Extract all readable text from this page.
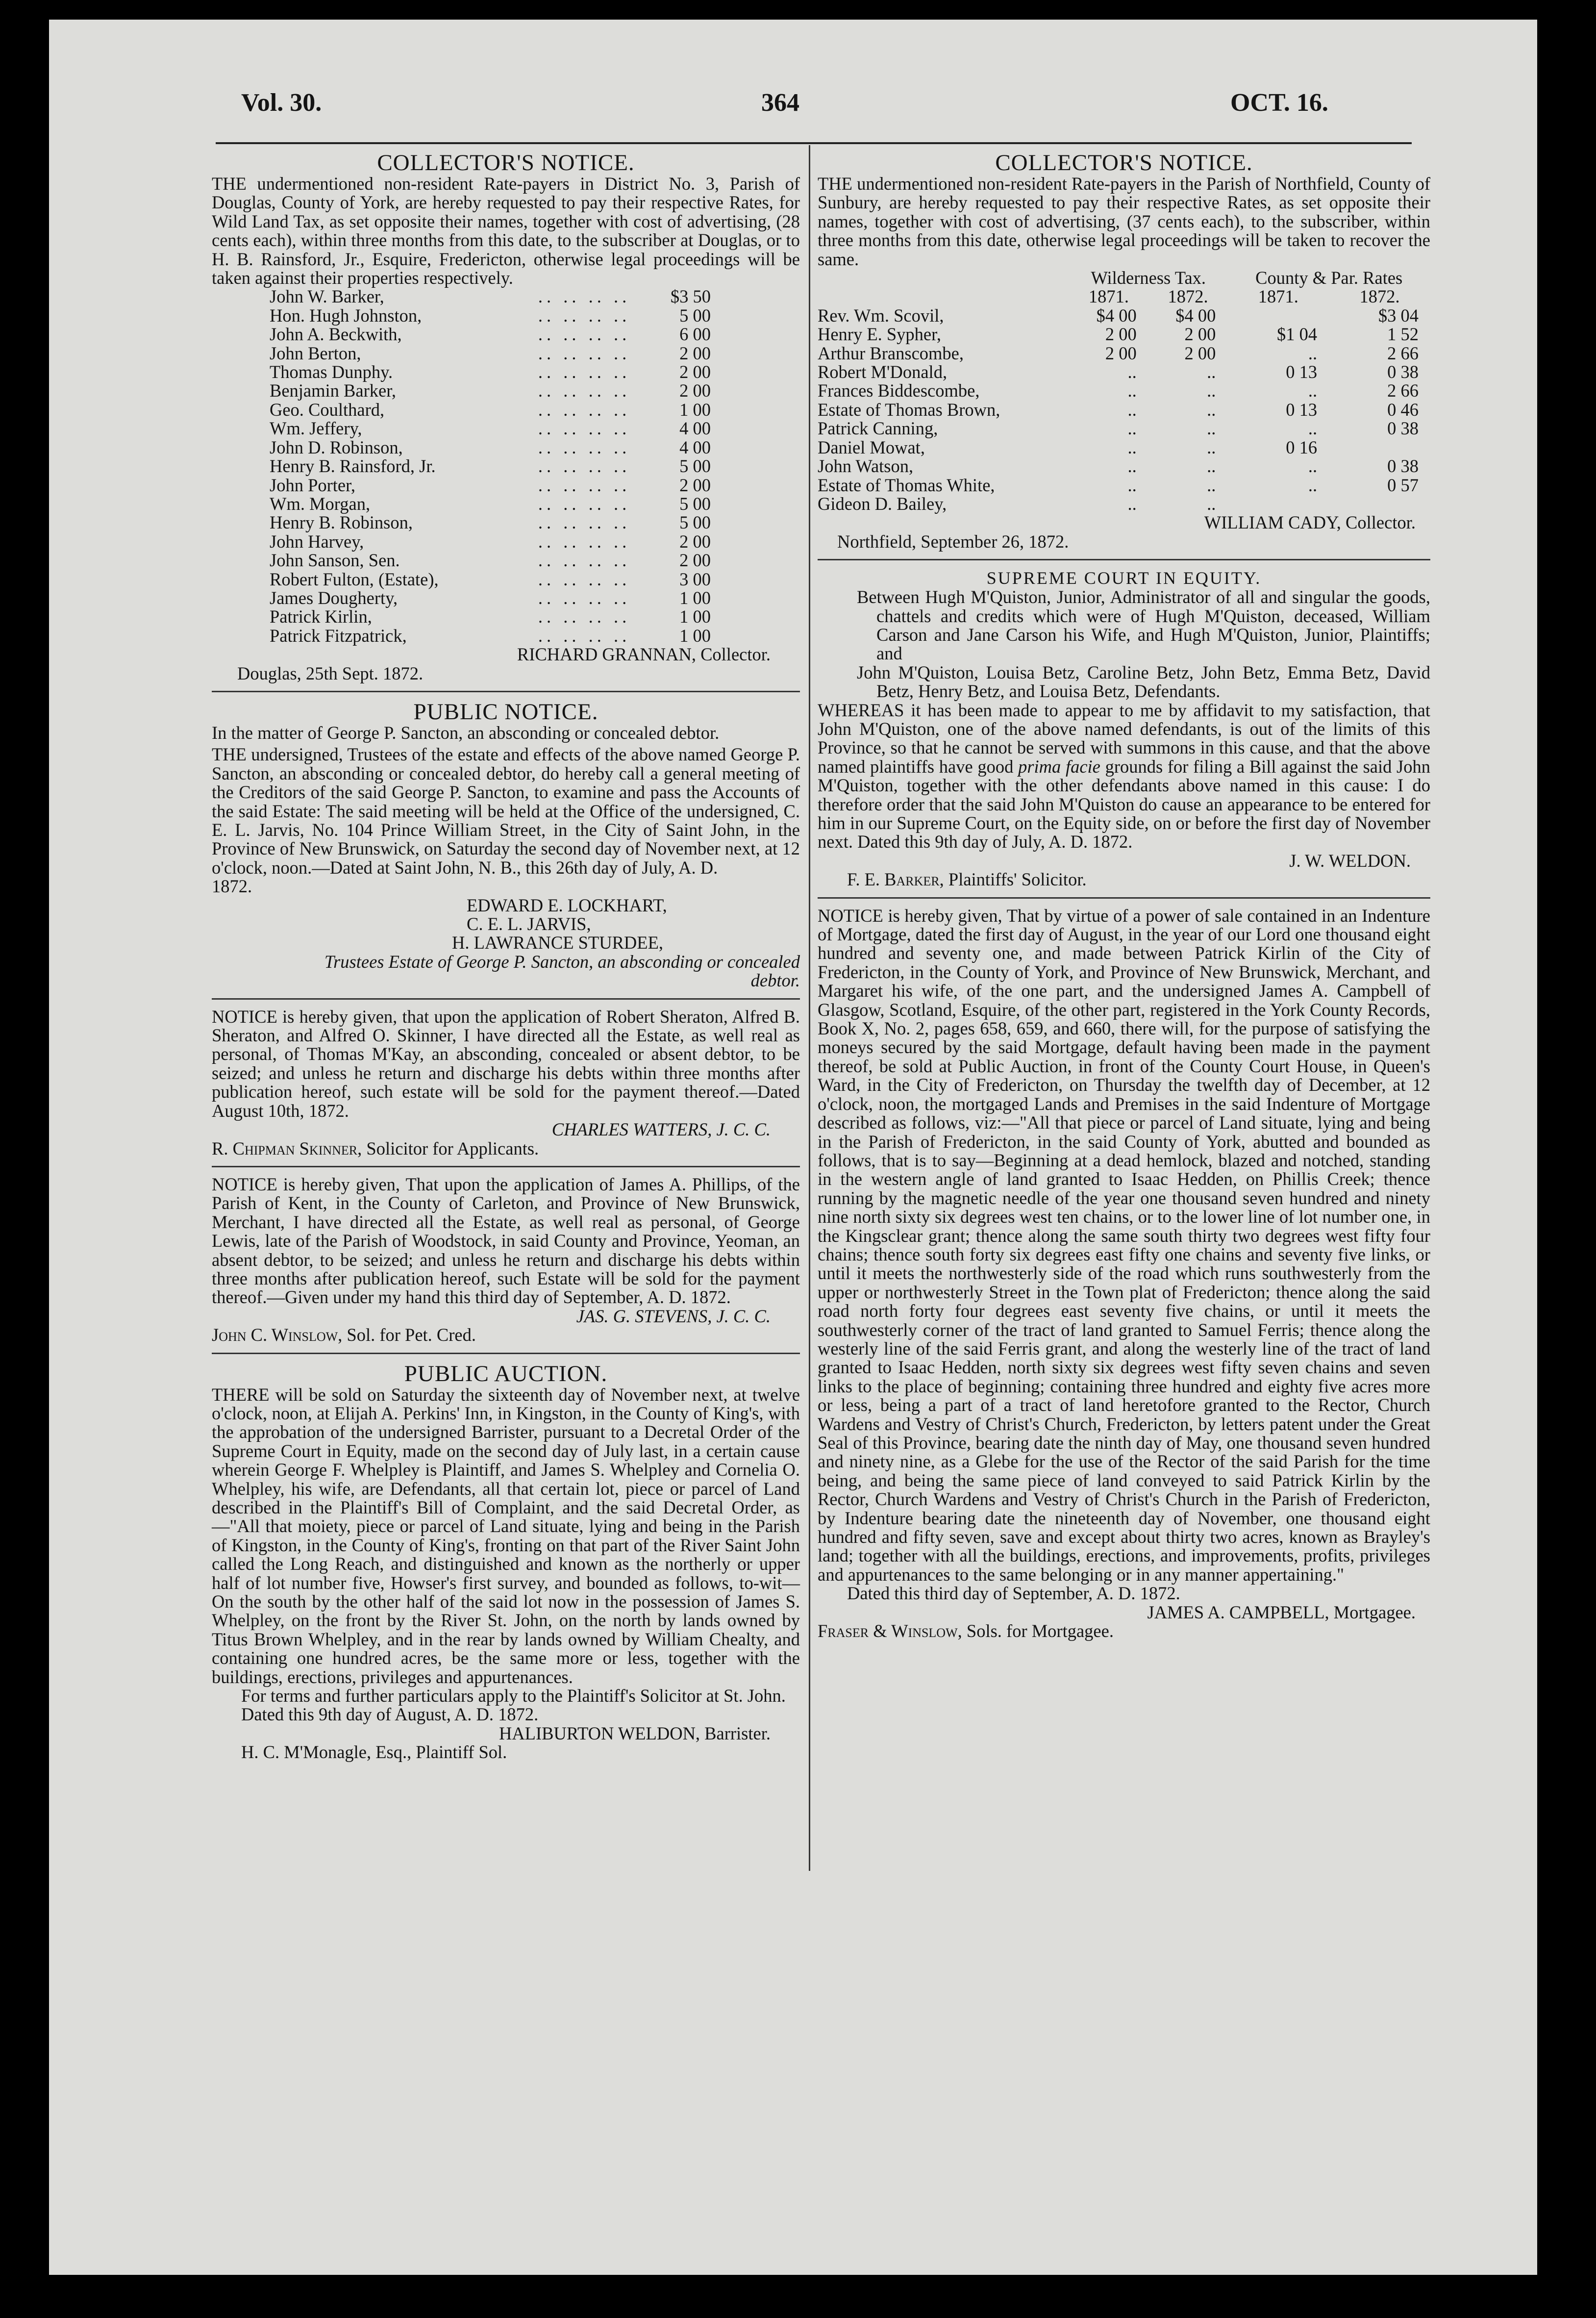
Vol. 30.	364	OCT. 16.

COLLECTOR'S NOTICE.

THE undermentioned non-resident Rate-payers in District No. 3, Parish of Douglas, County of York, are hereby requested to pay their respective Rates, for Wild Land Tax, as set opposite their names, together with cost of advertising, (28 cents each), within three months from this date, to the subscriber at Douglas, or to H. B. Rainsford, Jr., Esquire, Fredericton, otherwise legal proceedings will be taken against their properties respectively.

John W. Barker,	.. .. .. ..	$3 50
Hon. Hugh Johnston,	.. .. .. ..	5 00
John A. Beckwith,	.. .. .. ..	6 00
John Berton,	.. .. .. ..	2 00
Thomas Dunphy.	.. .. .. ..	2 00
Benjamin Barker,	.. .. .. ..	2 00
Geo. Coulthard,	.. .. .. ..	1 00
Wm. Jeffery,	.. .. .. ..	4 00
John D. Robinson,	.. .. .. ..	4 00
Henry B. Rainsford, Jr.	.. .. .. ..	5 00
John Porter,	.. .. .. ..	2 00
Wm. Morgan,	.. .. .. ..	5 00
Henry B. Robinson,	.. .. .. ..	5 00
John Harvey,	.. .. .. ..	2 00
John Sanson, Sen.	.. .. .. ..	2 00
Robert Fulton, (Estate),	.. .. .. ..	3 00
James Dougherty,	.. .. .. ..	1 00
Patrick Kirlin,	.. .. .. ..	1 00
Patrick Fitzpatrick,	.. .. .. ..	1 00

RICHARD GRANNAN, Collector.

Douglas, 25th Sept. 1872.

PUBLIC NOTICE.

In the matter of George P. Sancton, an absconding or concealed debtor.

THE undersigned, Trustees of the estate and effects of the above named George P. Sancton, an absconding or concealed debtor, do hereby call a general meeting of the Creditors of the said George P. Sancton, to examine and pass the Accounts of the said Estate: The said meeting will be held at the Office of the undersigned, C. E. L. Jarvis, No. 104 Prince William Street, in the City of Saint John, in the Province of New Brunswick, on Saturday the second day of November next, at 12 o'clock, noon.—Dated at Saint John, N. B., this 26th day of July, A. D.

1872.

EDWARD E. LOCKHART,

C. E. L. JARVIS,

H. LAWRANCE STURDEE,

Trustees Estate of George P. Sancton, an absconding or concealed debtor.

NOTICE is hereby given, that upon the application of Robert Sheraton, Alfred B. Sheraton, and Alfred O. Skinner, I have directed all the Estate, as well real as personal, of Thomas M'Kay, an absconding, concealed or absent debtor, to be seized; and unless he return and discharge his debts within three months after publication hereof, such estate will be sold for the payment thereof.—Dated August 10th, 1872.

CHARLES WATTERS, J. C. C.

R. Chipman Skinner, Solicitor for Applicants.

NOTICE is hereby given, That upon the application of James A. Phillips, of the Parish of Kent, in the County of Carleton, and Province of New Brunswick, Merchant, I have directed all the Estate, as well real as personal, of George Lewis, late of the Parish of Woodstock, in said County and Province, Yeoman, an absent debtor, to be seized; and unless he return and discharge his debts within three months after publication hereof, such Estate will be sold for the payment thereof.—Given under my hand this third day of September, A. D. 1872.

JAS. G. STEVENS, J. C. C.

John C. Winslow, Sol. for Pet. Cred.

PUBLIC AUCTION.

THERE will be sold on Saturday the sixteenth day of November next, at twelve o'clock, noon, at Elijah A. Perkins' Inn, in Kingston, in the County of King's, with the approbation of the undersigned Barrister, pursuant to a Decretal Order of the Supreme Court in Equity, made on the second day of July last, in a certain cause wherein George F. Whelpley is Plaintiff, and James S. Whelpley and Cornelia O. Whelpley, his wife, are Defendants, all that certain lot, piece or parcel of Land described in the Plaintiff's Bill of Complaint, and the said Decretal Order, as—"All that moiety, piece or parcel of Land situate, lying and being in the Parish of Kingston, in the County of King's, fronting on that part of the River Saint John called the Long Reach, and distinguished and known as the northerly or upper half of lot number five, Howser's first survey, and bounded as follows, to-wit—On the south by the other half of the said lot now in the possession of James S. Whelpley, on the front by the River St. John, on the north by lands owned by Titus Brown Whelpley, and in the rear by lands owned by William Chealty, and containing one hundred acres, be the same more or less, together with the buildings, erections, privileges and appurtenances.

For terms and further particulars apply to the Plaintiff's Solicitor at St. John.

Dated this 9th day of August, A. D. 1872.

HALIBURTON WELDON, Barrister.

H. C. M'Monagle, Esq., Plaintiff Sol.

COLLECTOR'S NOTICE.

THE undermentioned non-resident Rate-payers in the Parish of Northfield, County of Sunbury, are hereby requested to pay their respective Rates, as set opposite their names, together with cost of advertising, (37 cents each), to the subscriber, within three months from this date, otherwise legal proceedings will be taken to recover the same.

	Wilderness Tax.		County & Par. Rates	
	1871.	1872.	1871.	1872.
Rev. Wm. Scovil,	$4 00	$4 00		$3 04
Henry E. Sypher,	2 00	2 00	$1 04	1 52
Arthur Branscombe,	2 00	2 00	..	2 66
Robert M'Donald,	..	..	0 13	0 38
Frances Biddescombe,	..	..	..	2 66
Estate of Thomas Brown,	..	..	0 13	0 46
Patrick Canning,	..	..	..	0 38
Daniel Mowat,	..	..	0 16	
John Watson,	..	..	..	0 38
Estate of Thomas White,	..	..	..	0 57
Gideon D. Bailey,	..	..		

WILLIAM CADY, Collector.

Northfield, September 26, 1872.

SUPREME COURT IN EQUITY.

Between Hugh M'Quiston, Junior, Administrator of all and singular the goods, chattels and credits which were of Hugh M'Quiston, deceased, William Carson and Jane Carson his Wife, and Hugh M'Quiston, Junior, Plaintiffs; and

John M'Quiston, Louisa Betz, Caroline Betz, John Betz, Emma Betz, David Betz, Henry Betz, and Louisa Betz, Defendants.

WHEREAS it has been made to appear to me by affidavit to my satisfaction, that John M'Quiston, one of the above named defendants, is out of the limits of this Province, so that he cannot be served with summons in this cause, and that the above named plaintiffs have good prima facie grounds for filing a Bill against the said John M'Quiston, together with the other defendants above named in this cause: I do therefore order that the said John M'Quiston do cause an appearance to be entered for him in our Supreme Court, on the Equity side, on or before the first day of November next. Dated this 9th day of July, A. D. 1872.

J. W. WELDON.

F. E. Barker, Plaintiffs' Solicitor.

NOTICE is hereby given, That by virtue of a power of sale contained in an Indenture of Mortgage, dated the first day of August, in the year of our Lord one thousand eight hundred and seventy one, and made between Patrick Kirlin of the City of Fredericton, in the County of York, and Province of New Brunswick, Merchant, and Margaret his wife, of the one part, and the undersigned James A. Campbell of Glasgow, Scotland, Esquire, of the other part, registered in the York County Records, Book X, No. 2, pages 658, 659, and 660, there will, for the purpose of satisfying the moneys secured by the said Mortgage, default having been made in the payment thereof, be sold at Public Auction, in front of the County Court House, in Queen's Ward, in the City of Fredericton, on Thursday the twelfth day of December, at 12 o'clock, noon, the mortgaged Lands and Premises in the said Indenture of Mortgage described as follows, viz:—"All that piece or parcel of Land situate, lying and being in the Parish of Fredericton, in the said County of York, abutted and bounded as follows, that is to say—Beginning at a dead hemlock, blazed and notched, standing in the western angle of land granted to Isaac Hedden, on Phillis Creek; thence running by the magnetic needle of the year one thousand seven hundred and ninety nine north sixty six degrees west ten chains, or to the lower line of lot number one, in the Kingsclear grant; thence along the same south thirty two degrees west fifty four chains; thence south forty six degrees east fifty one chains and seventy five links, or until it meets the northwesterly side of the road which runs southwesterly from the upper or northwesterly Street in the Town plat of Fredericton; thence along the said road north forty four degrees east seventy five chains, or until it meets the southwesterly corner of the tract of land granted to Samuel Ferris; thence along the westerly line of the said Ferris grant, and along the westerly line of the tract of land granted to Isaac Hedden, north sixty six degrees west fifty seven chains and seven links to the place of beginning; containing three hundred and eighty five acres more or less, being a part of a tract of land heretofore granted to the Rector, Church Wardens and Vestry of Christ's Church, Fredericton, by letters patent under the Great Seal of this Province, bearing date the ninth day of May, one thousand seven hundred and ninety nine, as a Glebe for the use of the Rector of the said Parish for the time being, and being the same piece of land conveyed to said Patrick Kirlin by the Rector, Church Wardens and Vestry of Christ's Church in the Parish of Fredericton, by Indenture bearing date the nineteenth day of November, one thousand eight hundred and fifty seven, save and except about thirty two acres, known as Brayley's land; together with all the buildings, erections, and improvements, profits, privileges and appurtenances to the same belonging or in any manner appertaining."

Dated this third day of September, A. D. 1872.

JAMES A. CAMPBELL, Mortgagee.

Fraser & Winslow, Sols. for Mortgagee.
